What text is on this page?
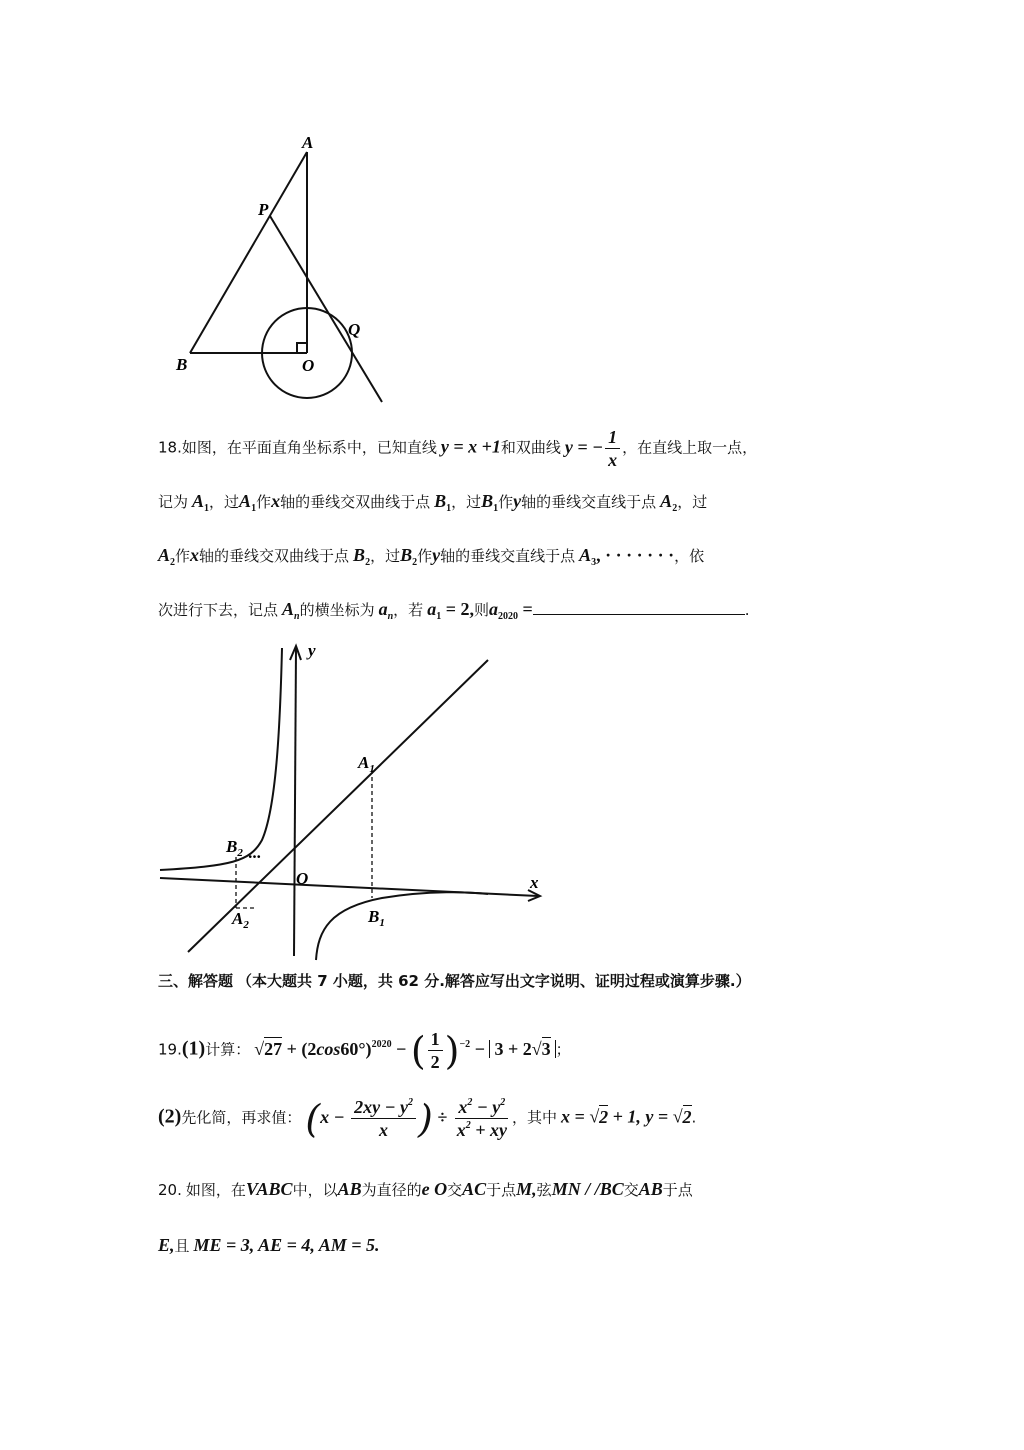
A
P
B	O
Q
18.如图，在平面直角坐标系中，已知直线 y = x +1和双曲线 y = − $\frac{1}{x}$ ，在直线上取一点，
记为 $A_1$，过$A_1$作x轴的垂线交双曲线于点 $B_1$，过$B_1$作y轴的垂线交直线于点 $A_2$，过
$A_2$作x轴的垂线交双曲线于点 $B_2$，过$B_2$作y轴的垂线交直线于点 $A_3$, · · · · · · ·，依
次进行下去，记点 $A_n$的横坐标为 $a_n$，若 $a_1 = 2$,则$a_{2020}$ =	.
y
x
O
$A_1$
$B_1$
$A_2$
$B_2$ ···
三、解答题 （本大题共 7 小题，共 62 分.解答应写出文字说明、证明过程或演算步骤.）
19.(1)计算： $√27 + (2\cos 60^\circ)^{2020}$ − ( $\frac{1}{2} )^{-2} - 3 + 2√3$ ；
(2)先化简，再求值： ($x - \frac{2xy - y^2}{x}$ ) ÷ $\frac{x^2 - y^2}{x^2 + xy}$ ，其中 x = √2 + 1, y = √2.
20. 如图，在VABC中，以AB为直径的e O交AC于点M,弦MN / /BC交AB于点
E,且 ME = 3, AE = 4, AM = 5.
